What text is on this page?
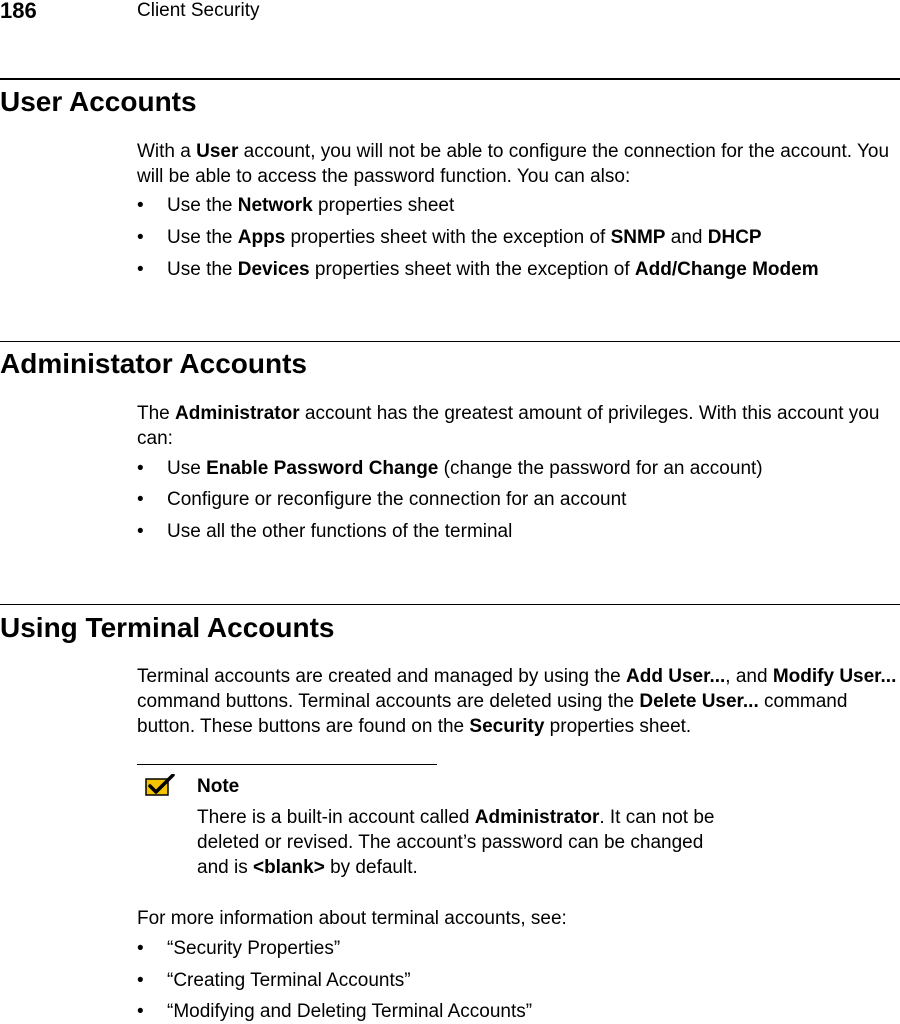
186	Client Security
User Accounts

With a User account, you will not be able to configure the connection for the account. You will be able to access the password function. You can also:

• Use the Network properties sheet
• Use the Apps properties sheet with the exception of SNMP and DHCP
• Use the Devices properties sheet with the exception of Add/Change Modem
Administator Accounts

The Administrator account has the greatest amount of privileges. With this account you can:

• Use Enable Password Change (change the password for an account)
• Configure or reconfigure the connection for an account
• Use all the other functions of the terminal
Using Terminal Accounts

Terminal accounts are created and managed by using the Add User..., and Modify User... command buttons. Terminal accounts are deleted using the Delete User... command button. These buttons are found on the Security properties sheet.

Note

There is a built-in account called Administrator. It can not be deleted or revised. The account’s password can be changed and is <blank> by default.

For more information about terminal accounts, see:
• “Security Properties”
• “Creating Terminal Accounts”
• “Modifying and Deleting Terminal Accounts”
